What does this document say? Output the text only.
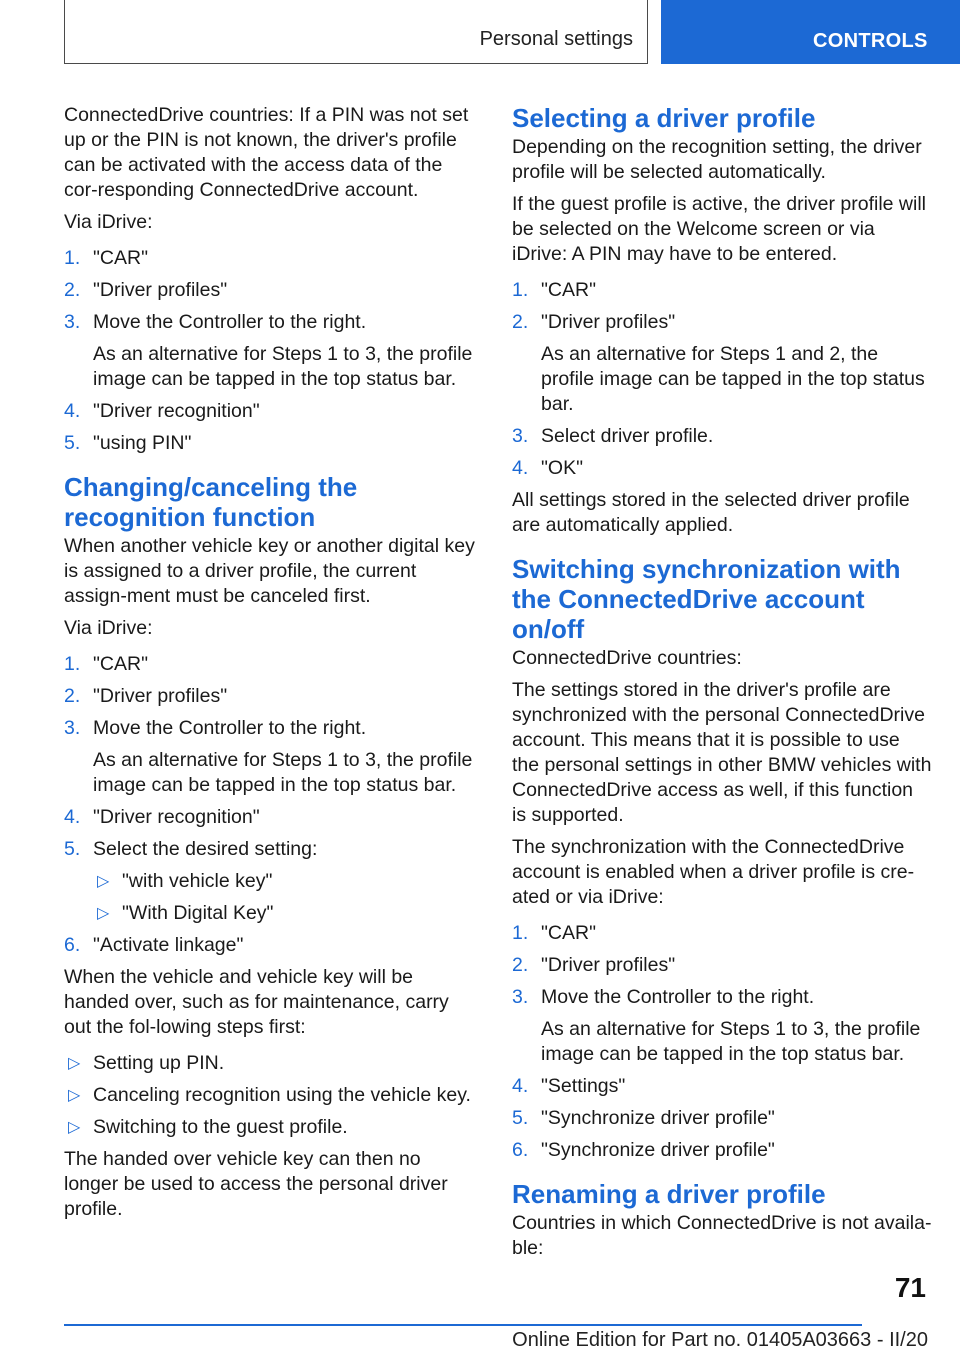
Personal settings	CONTROLS

ConnectedDrive countries: If a PIN was not set up or the PIN is not known, the driver's profile can be activated with the access data of the cor-responding ConnectedDrive account.

Via iDrive:

1. "CAR"
2. "Driver profiles"
3. Move the Controller to the right.
As an alternative for Steps 1 to 3, the profile image can be tapped in the top status bar.
4. "Driver recognition"
5. "using PIN"
Changing/canceling the recognition function

When another vehicle key or another digital key is assigned to a driver profile, the current assign-ment must be canceled first.

Via iDrive:

1. "CAR"
2. "Driver profiles"
3. Move the Controller to the right.
As an alternative for Steps 1 to 3, the profile image can be tapped in the top status bar.
4. "Driver recognition"
5. Select the desired setting:
▷ "with vehicle key"
▷ "With Digital Key"
6. "Activate linkage"

When the vehicle and vehicle key will be handed over, such as for maintenance, carry out the fol-lowing steps first:

▷ Setting up PIN.
▷ Canceling recognition using the vehicle key.
▷ Switching to the guest profile.

The handed over vehicle key can then no longer be used to access the personal driver profile.

Selecting a driver profile

Depending on the recognition setting, the driver profile will be selected automatically.

If the guest profile is active, the driver profile will be selected on the Welcome screen or via iDrive: A PIN may have to be entered.

1. "CAR"
2. "Driver profiles"
As an alternative for Steps 1 and 2, the profile image can be tapped in the top status bar.
3. Select driver profile.
4. "OK"

All settings stored in the selected driver profile are automatically applied.

Switching synchronization with the ConnectedDrive account on/off

ConnectedDrive countries:

The settings stored in the driver's profile are synchronized with the personal ConnectedDrive account. This means that it is possible to use the personal settings in other BMW vehicles with ConnectedDrive access as well, if this function is supported.

The synchronization with the ConnectedDrive account is enabled when a driver profile is cre-ated or via iDrive:

1. "CAR"
2. "Driver profiles"
3. Move the Controller to the right.
As an alternative for Steps 1 to 3, the profile image can be tapped in the top status bar.
4. "Settings"
5. "Synchronize driver profile"
6. "Synchronize driver profile"
Renaming a driver profile

Countries in which ConnectedDrive is not availa-ble:

71
Online Edition for Part no. 01405A03663 - II/20
